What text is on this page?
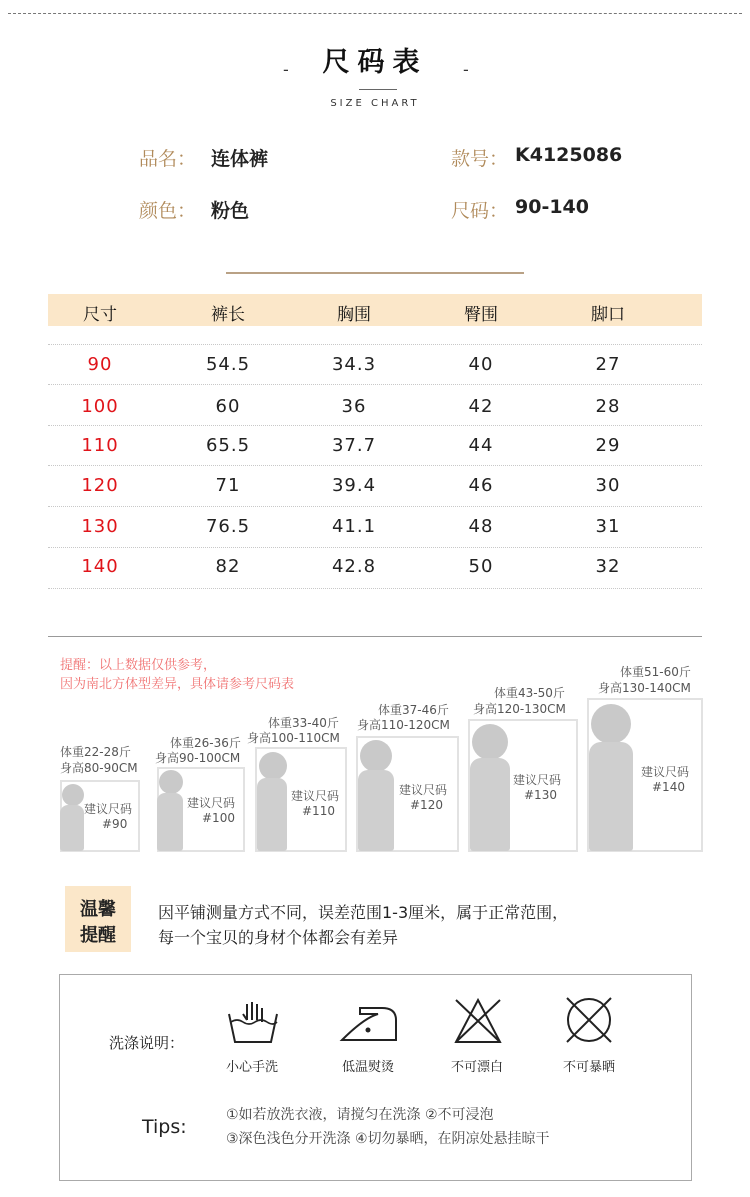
-	尺码表	-
SIZE CHART
品名： 连体裤	款号： K4125086
颜色： 粉色	尺码： 90-140
尺寸	裤长	胸围	臀围	脚口
90	54.5	34.3	40	27
100	60	36	42	28
110	65.5	37.7	44	29
120	71	39.4	46	30
130	76.5	41.1	48	31
140	82	42.8	50	32
提醒：以上数据仅供参考，
因为南北方体型差异，具体请参考尺码表
体重22-28斤
身高80-90CM
建议尺码
#90
体重26-36斤
身高90-100CM
建议尺码
#100
体重33-40斤
身高100-110CM
建议尺码
#110
体重37-46斤
身高110-120CM
建议尺码
#120
体重43-50斤
身高120-130CM
建议尺码
#130
体重51-60斤
身高130-140CM
建议尺码
#140
温馨
提醒
因平铺测量方式不同，误差范围1-3厘米，属于正常范围，
每一个宝贝的身材个体都会有差异
洗涤说明：
小心手洗	低温熨烫	不可漂白	不可暴晒
Tips:
①如若放洗衣液，请搅匀在洗涤 ②不可浸泡
③深色浅色分开洗涤 ④切勿暴晒，在阴凉处悬挂晾干
